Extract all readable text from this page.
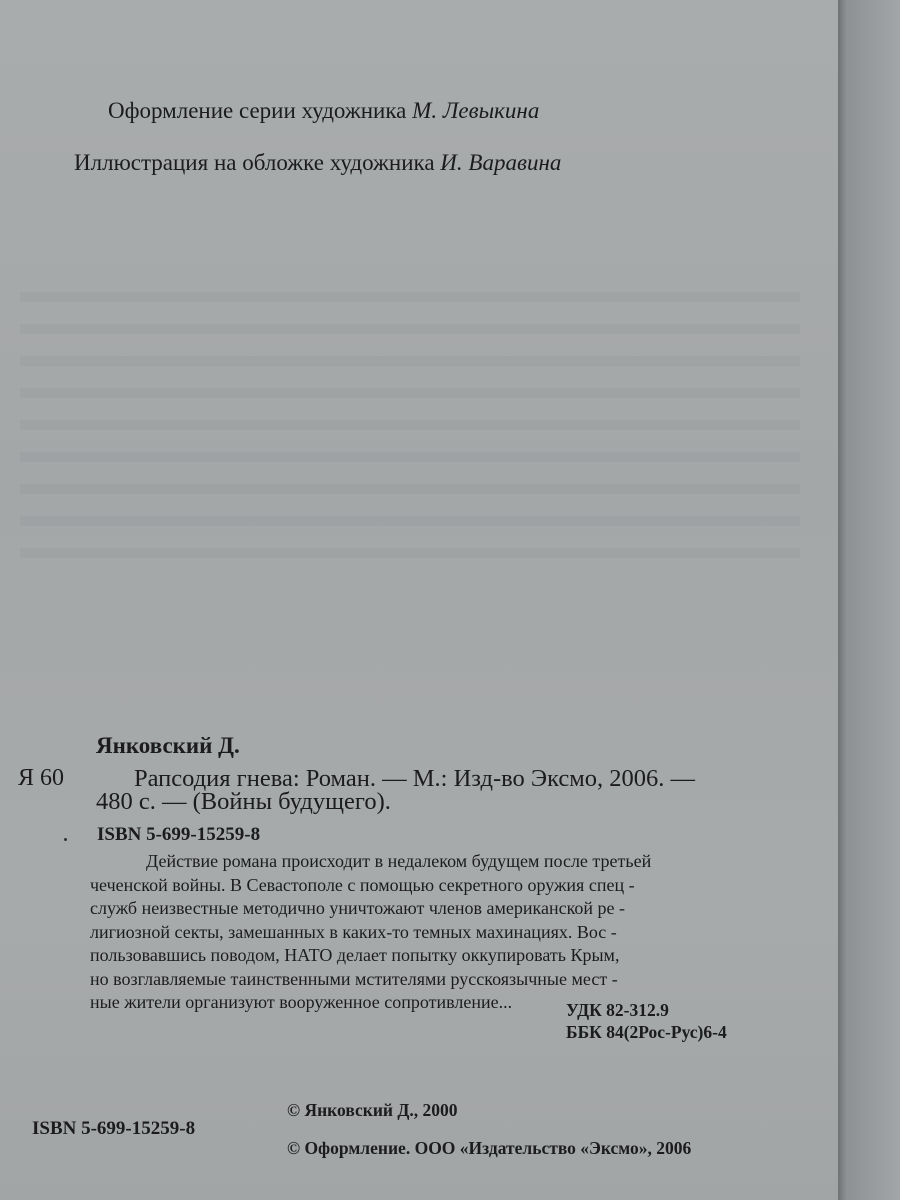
Оформление серии художника М. Левыкина
Иллюстрация на обложке художника И. Варавина
Янковский Д.
Я 60	Рапсодия гнева: Роман. — М.: Изд-во Эксмо, 2006. —
480 с. — (Войны будущего).
ISBN 5-699-15259-8
Действие романа происходит в недалеком будущем после третьей
чеченской войны. В Севастополе с помощью секретного оружия спец -
служб неизвестные методично уничтожают членов американской ре -
лигиозной секты, замешанных в каких-то темных махинациях. Вос -
пользовавшись поводом, НАТО делает попытку оккупировать Крым,
но возглавляемые таинственными мстителями русскоязычные мест -
ные жители организуют вооруженное сопротивление...	УДК 82-312.9
ББК 84(2Рос-Рус)6-4
© Янковский Д., 2000
ISBN 5-699-15259-8
© Оформление. ООО «Издательство «Эксмо», 2006
